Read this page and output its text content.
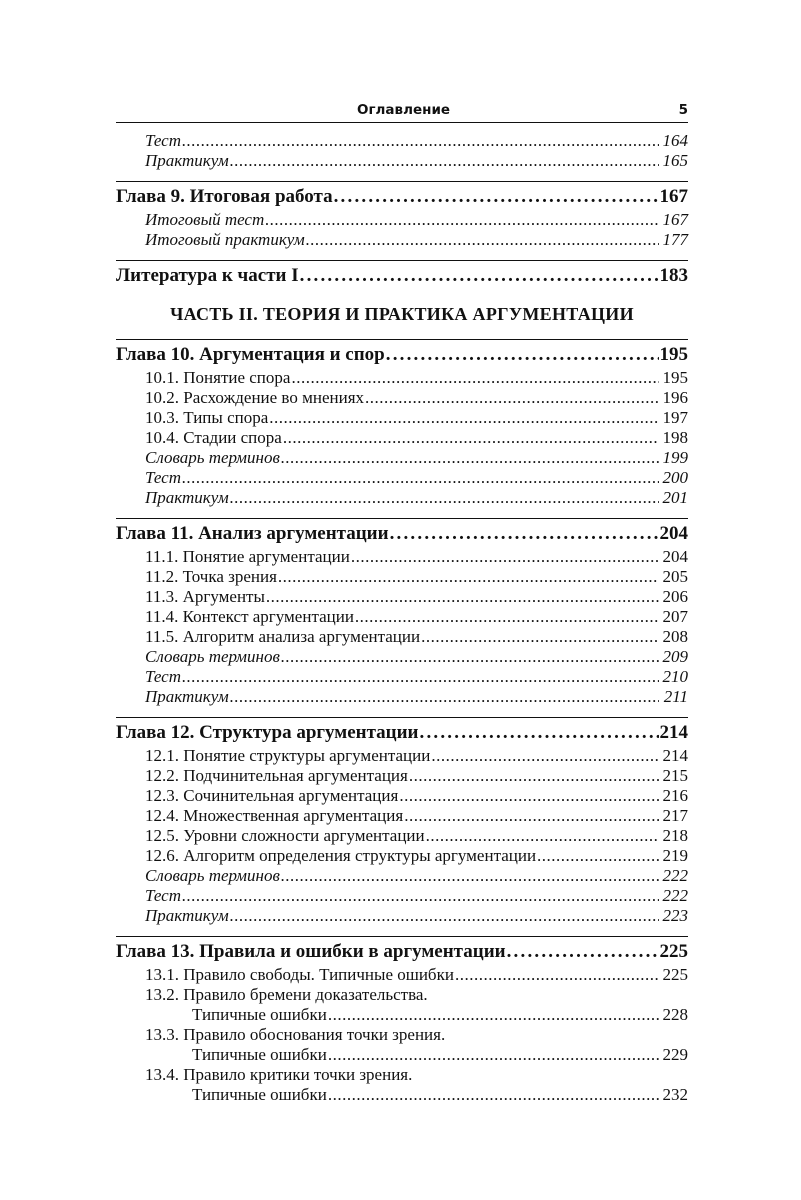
Оглавление	5
Тест .....	164
Практикум .....	165
Глава 9. Итоговая работа .....	167
Итоговый тест .....	167
Итоговый практикум .....	177
Литература к части I .....	183
ЧАСТЬ II. ТЕОРИЯ И ПРАКТИКА АРГУМЕНТАЦИИ
Глава 10. Аргументация и спор .....	195
10.1. Понятие спора .....	195
10.2. Расхождение во мнениях .....	196
10.3. Типы спора .....	197
10.4. Стадии спора .....	198
Словарь терминов .....	199
Тест .....	200
Практикум .....	201
Глава 11. Анализ аргументации .....	204
11.1. Понятие аргументации .....	204
11.2. Точка зрения .....	205
11.3. Аргументы .....	206
11.4. Контекст аргументации .....	207
11.5. Алгоритм анализа аргументации .....	208
Словарь терминов .....	209
Тест .....	210
Практикум .....	211
Глава 12. Структура аргументации .....	214
12.1. Понятие структуры аргументации .....	214
12.2. Подчинительная аргументация .....	215
12.3. Сочинительная аргументация .....	216
12.4. Множественная аргументация .....	217
12.5. Уровни сложности аргументации .....	218
12.6. Алгоритм определения структуры аргументации .....	219
Словарь терминов .....	222
Тест .....	222
Практикум .....	223
Глава 13. Правила и ошибки в аргументации .....	225
13.1. Правило свободы. Типичные ошибки .....	225
13.2. Правило бремени доказательства.
Типичные ошибки .....	228
13.3. Правило обоснования точки зрения.
Типичные ошибки .....	229
13.4. Правило критики точки зрения.
Типичные ошибки .....	232
